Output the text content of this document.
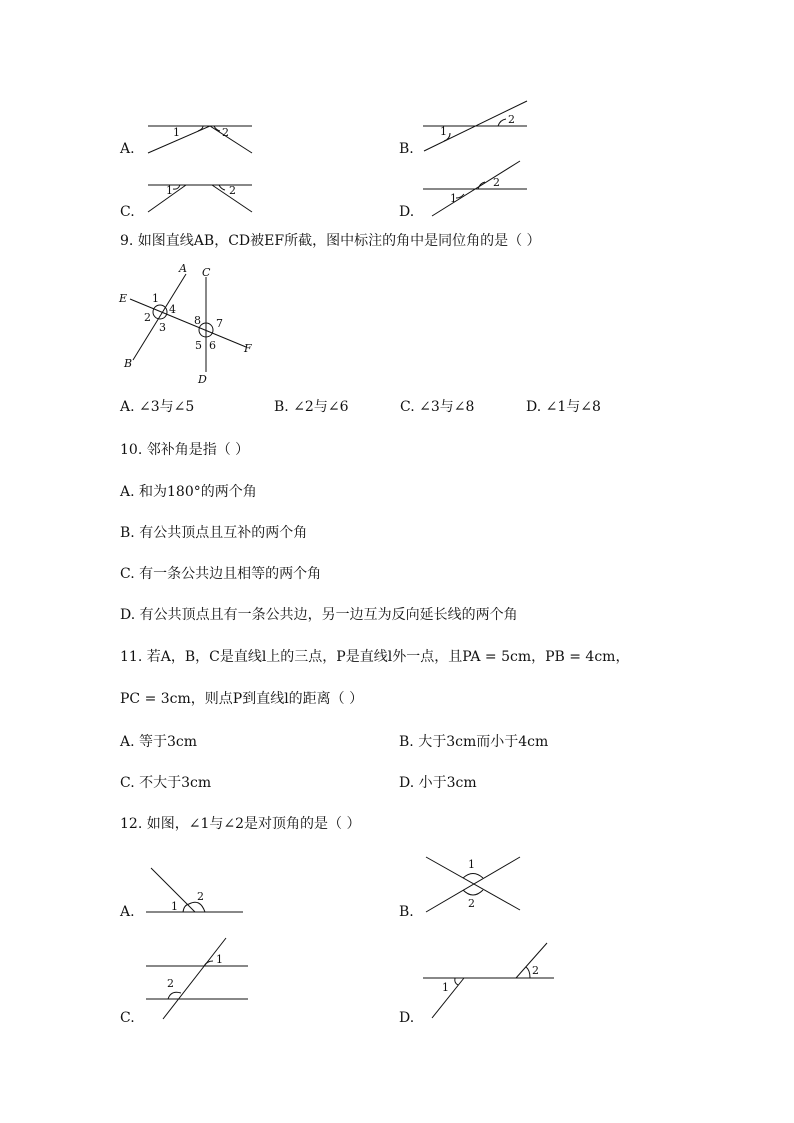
A.
1	2
B.
1
2
C.
1	2
D.
1
2
9. 如图直线AB，CD被EF所截，图中标注的角中是同位角的是（ ）
A
B
C
D
E
F
1
2
3
4
5 6
7
8
A. ∠3与∠5	B. ∠2与∠6	C. ∠3与∠8	D. ∠1与∠8
10. 邻补角是指（ ）
A. 和为180°的两个角
B. 有公共顶点且互补的两个角
C. 有一条公共边且相等的两个角
D. 有公共顶点且有一条公共边，另一边互为反向延长线的两个角
11. 若A，B，C是直线l上的三点，P是直线l外一点，且PA = 5cm，PB = 4cm，
PC = 3cm，则点P到直线l的距离（ ）
A. 等于3cm	B. 大于3cm而小于4cm
C. 不大于3cm	D. 小于3cm
12. 如图，∠1与∠2是对顶角的是（ ）
A.	1
2
B.
1
2
C.
1
2
D.
1
2
